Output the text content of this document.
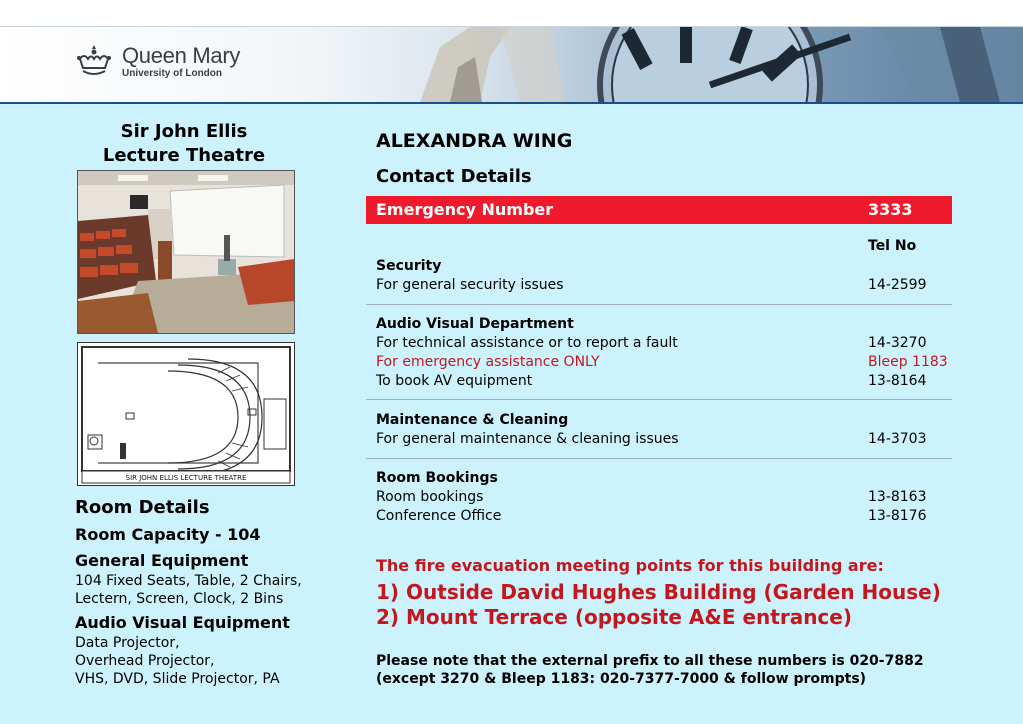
Queen Mary
University of London
Sir John Ellis
Lecture Theatre
SIR JOHN ELLIS LECTURE THEATRE

Room Details

Room Capacity - 104

General Equipment

104 Fixed Seats, Table, 2 Chairs,

Lectern, Screen, Clock, 2 Bins

Audio Visual Equipment

Data Projector,

Overhead Projector,

VHS, DVD, Slide Projector, PA

ALEXANDRA WING
Contact Details
Emergency Number	3333
Tel No
Security
For general security issues	14-2599
Audio Visual Department
For technical assistance or to report a fault	14-3270
For emergency assistance ONLY	Bleep 1183
To book AV equipment	13-8164
Maintenance & Cleaning
For general maintenance & cleaning issues	14-3703
Room Bookings
Room bookings	13-8163
Conference Office	13-8176
The fire evacuation meeting points for this building are:
1) Outside David Hughes Building (Garden House)
2) Mount Terrace (opposite A&E entrance)
Please note that the external prefix to all these numbers is 020-7882
(except 3270 & Bleep 1183: 020-7377-7000 & follow prompts)
